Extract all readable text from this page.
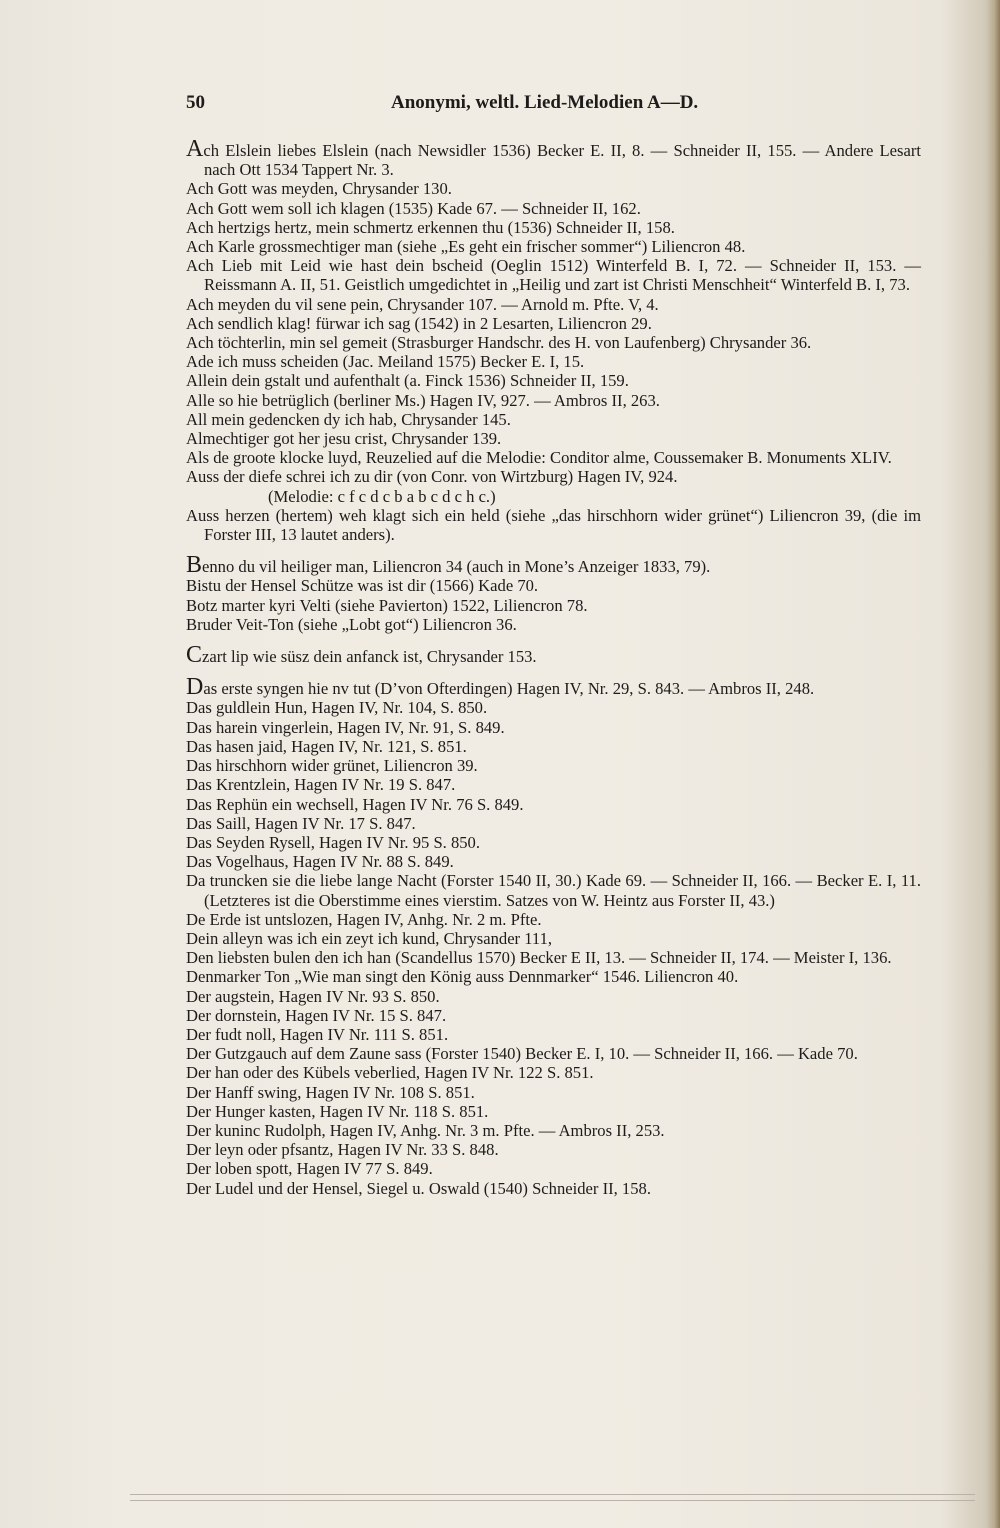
50	Anonymi, weltl. Lied-Melodien A—D.

Ach Elslein liebes Elslein (nach Newsidler 1536) Becker E. II, 8. — Schneider II, 155. — Andere Lesart nach Ott 1534 Tappert Nr. 3.

Ach Gott was meyden, Chrysander 130.

Ach Gott wem soll ich klagen (1535) Kade 67. — Schneider II, 162.

Ach hertzigs hertz, mein schmertz erkennen thu (1536) Schneider II, 158.

Ach Karle grossmechtiger man (siehe „Es geht ein frischer sommer“) Liliencron 48.

Ach Lieb mit Leid wie hast dein bscheid (Oeglin 1512) Winterfeld B. I, 72. — Schneider II, 153. — Reissmann A. II, 51. Geistlich umgedichtet in „Heilig und zart ist Christi Menschheit“ Winterfeld B. I, 73.

Ach meyden du vil sene pein, Chrysander 107. — Arnold m. Pfte. V, 4.

Ach sendlich klag! fürwar ich sag (1542) in 2 Lesarten, Liliencron 29.

Ach töchterlin, min sel gemeit (Strasburger Handschr. des H. von Laufenberg) Chrysander 36.

Ade ich muss scheiden (Jac. Meiland 1575) Becker E. I, 15.

Allein dein gstalt und aufenthalt (a. Finck 1536) Schneider II, 159.

Alle so hie betrüglich (berliner Ms.) Hagen IV, 927. — Ambros II, 263.

All mein gedencken dy ich hab, Chrysander 145.

Almechtiger got her jesu crist, Chrysander 139.

Als de groote klocke luyd, Reuzelied auf die Melodie: Conditor alme, Coussemaker B. Monuments XLIV.

Auss der diefe schrei ich zu dir (von Conr. von Wirtzburg) Hagen IV, 924.

(Melodie: c f c d c b a b c d c h c.)

Auss herzen (hertem) weh klagt sich ein held (siehe „das hirschhorn wider grünet“) Liliencron 39, (die im Forster III, 13 lautet anders).

Benno du vil heiliger man, Liliencron 34 (auch in Mone’s Anzeiger 1833, 79).

Bistu der Hensel Schütze was ist dir (1566) Kade 70.

Botz marter kyri Velti (siehe Pavierton) 1522, Liliencron 78.

Bruder Veit-Ton (siehe „Lobt got“) Liliencron 36.

Czart lip wie süsz dein anfanck ist, Chrysander 153.

Das erste syngen hie nv tut (D’von Ofterdingen) Hagen IV, Nr. 29, S. 843. — Ambros II, 248.

Das guldlein Hun, Hagen IV, Nr. 104, S. 850.

Das harein vingerlein, Hagen IV, Nr. 91, S. 849.

Das hasen jaid, Hagen IV, Nr. 121, S. 851.

Das hirschhorn wider grünet, Liliencron 39.

Das Krentzlein, Hagen IV Nr. 19 S. 847.

Das Rephün ein wechsell, Hagen IV Nr. 76 S. 849.

Das Saill, Hagen IV Nr. 17 S. 847.

Das Seyden Rysell, Hagen IV Nr. 95 S. 850.

Das Vogelhaus, Hagen IV Nr. 88 S. 849.

Da truncken sie die liebe lange Nacht (Forster 1540 II, 30.) Kade 69. — Schneider II, 166. — Becker E. I, 11. (Letzteres ist die Oberstimme eines vierstim. Satzes von W. Heintz aus Forster II, 43.)

De Erde ist untslozen, Hagen IV, Anhg. Nr. 2 m. Pfte.

Dein alleyn was ich ein zeyt ich kund, Chrysander 111,

Den liebsten bulen den ich han (Scandellus 1570) Becker E II, 13. — Schneider II, 174. — Meister I, 136.

Denmarker Ton „Wie man singt den König auss Dennmarker“ 1546. Liliencron 40.

Der augstein, Hagen IV Nr. 93 S. 850.

Der dornstein, Hagen IV Nr. 15 S. 847.

Der fudt noll, Hagen IV Nr. 111 S. 851.

Der Gutzgauch auf dem Zaune sass (Forster 1540) Becker E. I, 10. — Schneider II, 166. — Kade 70.

Der han oder des Kübels veberlied, Hagen IV Nr. 122 S. 851.

Der Hanff swing, Hagen IV Nr. 108 S. 851.

Der Hunger kasten, Hagen IV Nr. 118 S. 851.

Der kuninc Rudolph, Hagen IV, Anhg. Nr. 3 m. Pfte. — Ambros II, 253.

Der leyn oder pfsantz, Hagen IV Nr. 33 S. 848.

Der loben spott, Hagen IV 77 S. 849.

Der Ludel und der Hensel, Siegel u. Oswald (1540) Schneider II, 158.
